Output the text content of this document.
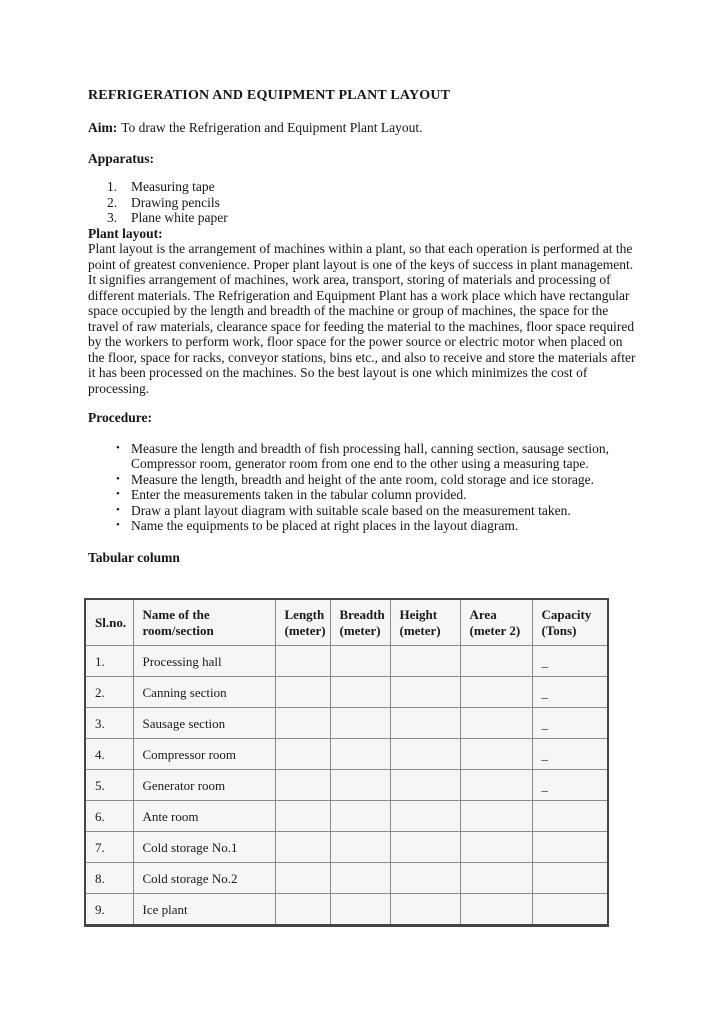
REFRIGERATION AND EQUIPMENT PLANT LAYOUT

Aim: To draw the Refrigeration and Equipment Plant Layout.

Apparatus:

1.	Measuring tape
2.	Drawing pencils
3.	Plane white paper

Plant layout:

Plant layout is the arrangement of machines within a plant, so that each operation is performed at the point of greatest convenience. Proper plant layout is one of the keys of success in plant management. It signifies arrangement of machines, work area, transport, storing of materials and processing of different materials. The Refrigeration and Equipment Plant has a work place which have rectangular space occupied by the length and breadth of the machine or group of machines, the space for the travel of raw materials, clearance space for feeding the material to the machines, floor space required by the workers to perform work, floor space for the power source or electric motor when placed on the floor, space for racks, conveyor stations, bins etc., and also to receive and store the materials after it has been processed on the machines. So the best layout is one which minimizes the cost of processing.

Procedure:

• Measure the length and breadth of fish processing hall, canning section, sausage section, Compressor room, generator room from one end to the other using a measuring tape.
• Measure the length, breadth and height of the ante room, cold storage and ice storage.
• Enter the measurements taken in the tabular column provided.
• Draw a plant layout diagram with suitable scale based on the measurement taken.
• Name the equipments to be placed at right places in the layout diagram.

Tabular column

Sl.no.	Name of the room/section	Length (meter)	Breadth (meter)	Height (meter)	Area (meter 2)	Capacity (Tons)
1.	Processing hall					_
2.	Canning section					_
3.	Sausage section					_
4.	Compressor room					_
5.	Generator room					_
6.	Ante room					
7.	Cold storage No.1					
8.	Cold storage No.2					
9.	Ice plant					
